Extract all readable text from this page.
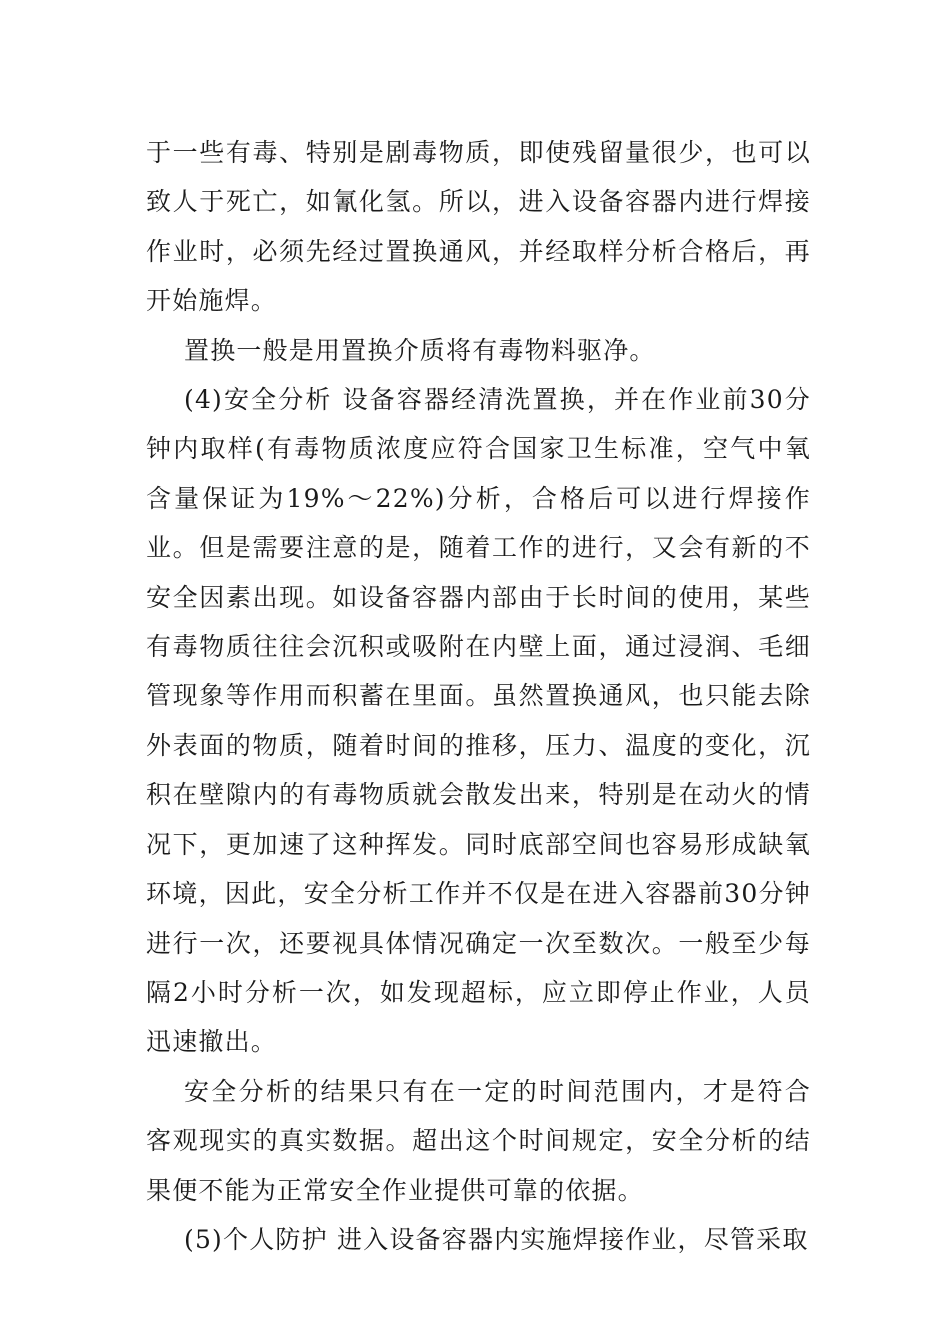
于一些有毒、特别是剧毒物质，即使残留量很少，也可以致人于死亡，如氰化氢。所以，进入设备容器内进行焊接作业时，必须先经过置换通风，并经取样分析合格后，再开始施焊。

置换一般是用置换介质将有毒物料驱净。

(4)安全分析 设备容器经清洗置换，并在作业前30分钟内取样(有毒物质浓度应符合国家卫生标准，空气中氧含量保证为19%～22%)分析，合格后可以进行焊接作业。但是需要注意的是，随着工作的进行，又会有新的不安全因素出现。如设备容器内部由于长时间的使用，某些有毒物质往往会沉积或吸附在内壁上面，通过浸润、毛细管现象等作用而积蓄在里面。虽然置换通风，也只能去除外表面的物质，随着时间的推移，压力、温度的变化，沉积在壁隙内的有毒物质就会散发出来，特别是在动火的情况下，更加速了这种挥发。同时底部空间也容易形成缺氧环境，因此，安全分析工作并不仅是在进入容器前30分钟进行一次，还要视具体情况确定一次至数次。一般至少每隔2小时分析一次，如发现超标，应立即停止作业，人员迅速撤出。

安全分析的结果只有在一定的时间范围内，才是符合客观现实的真实数据。超出这个时间规定，安全分析的结果便不能为正常安全作业提供可靠的依据。

(5)个人防护 进入设备容器内实施焊接作业，尽管采取
